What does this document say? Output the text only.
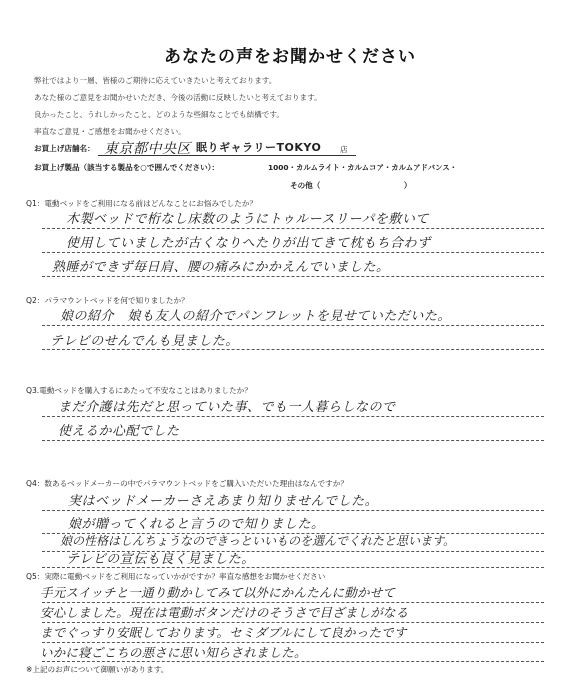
あなたの声をお聞かせください
弊社ではより一層、皆様のご期待に応えていきたいと考えております。
あなた様のご意見をお聞かせいただき、今後の活動に反映したいと考えております。
良かったこと、うれしかったこと、どのような些細なことでも結構です。
率直なご意見・ご感想をお聞かせください。
お買上げ店舗名： 東京都中央区 眠りギャラリーTOKYO 店
お買上げ製品（該当する製品を○で囲んでください）：	1000・カルムライト・カルムコア・カルムアドバンス・
その他（　　　　　　　　　　　）
Q1：電動ベッドをご利用になる前はどんなことにお悩みでしたか？
木製ベッドで桁なし床数のようにトゥルースリーパを敷いて
使用していましたが古くなりへたりが出てきて枕もち合わず
熟睡ができず毎日肩、腰の痛みにかかえんでいました。
Q2：パラマウントベッドを何で知りましたか？
娘の紹介　娘も友人の紹介でパンフレットを見せていただいた。
テレビのせんでんも見ました。
Q3.電動ベッドを購入するにあたって不安なことはありましたか？
まだ介護は先だと思っていた事、でも一人暮らしなので
使えるか心配でした
Q4：数あるベッドメーカーの中でパラマウントベッドをご購入いただいた理由はなんですか？
実はベッドメーカーさえあまり知りませんでした。
娘が贈ってくれると言うので知りました。
娘の性格はしんちょうなのできっといいものを選んでくれたと思います。
テレビの宣伝も良く見ました。
Q5：実際に電動ベッドをご利用になっていかがですか？率直な感想をお聞かせください
手元スイッチと一通り動かしてみて以外にかんたんに動かせて
安心しました。現在は電動ボタンだけのそうさで目ざましがなる
までぐっすり安眠しております。セミダブルにして良かったです
いかに寝ごこちの悪さに思い知らされました。
※上記のお声について御願いがあります。
